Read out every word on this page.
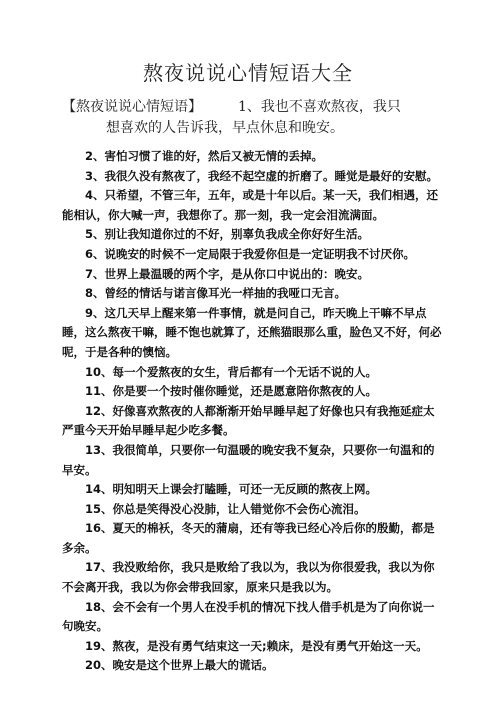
熬夜说说心情短语大全
【熬夜说说心情短语】	1、我也不喜欢熬夜，我只
想喜欢的人告诉我，早点休息和晚安。

2、害怕习惯了谁的好，然后又被无情的丢掉。

3、我很久没有熬夜了，我经不起空虚的折磨了。睡觉是最好的安慰。

4、只希望，不管三年，五年，或是十年以后。某一天，我们相遇，还能相认，你大喊一声，我想你了。那一刻，我一定会泪流满面。

5、别让我知道你过的不好，别辜负我成全你好好生活。

6、说晚安的时候不一定局限于我爱你但是一定证明我不讨厌你。

7、世界上最温暖的两个字，是从你口中说出的：晚安。

8、曾经的情话与诺言像耳光一样抽的我哑口无言。

9、这几天早上醒来第一件事情，就是问自己，昨天晚上干嘛不早点睡，这么熬夜干嘛，睡不饱也就算了，还熊猫眼那么重，脸色又不好，何必呢，于是各种的懊恼。

10、每一个爱熬夜的女生，背后都有一个无话不说的人。

11、你是要一个按时催你睡觉，还是愿意陪你熬夜的人。

12、好像喜欢熬夜的人都渐渐开始早睡早起了好像也只有我拖延症太严重今天开始早睡早起少吃多餐。

13、我很简单，只要你一句温暖的晚安我不复杂，只要你一句温和的早安。

14、明知明天上课会打瞌睡，可还一无反顾的熬夜上网。

15、你总是笑得没心没肺，让人错觉你不会伤心流泪。

16、夏天的棉袄，冬天的蒲扇，还有等我已经心冷后你的殷勤，都是多余。

17、我没败给你，我只是败给了我以为，我以为你很爱我，我以为你不会离开我，我以为你会带我回家，原来只是我以为。

18、会不会有一个男人在没手机的情况下找人借手机是为了向你说一句晚安。

19、熬夜，是没有勇气结束这一天;赖床，是没有勇气开始这一天。

20、晚安是这个世界上最大的谎话。
